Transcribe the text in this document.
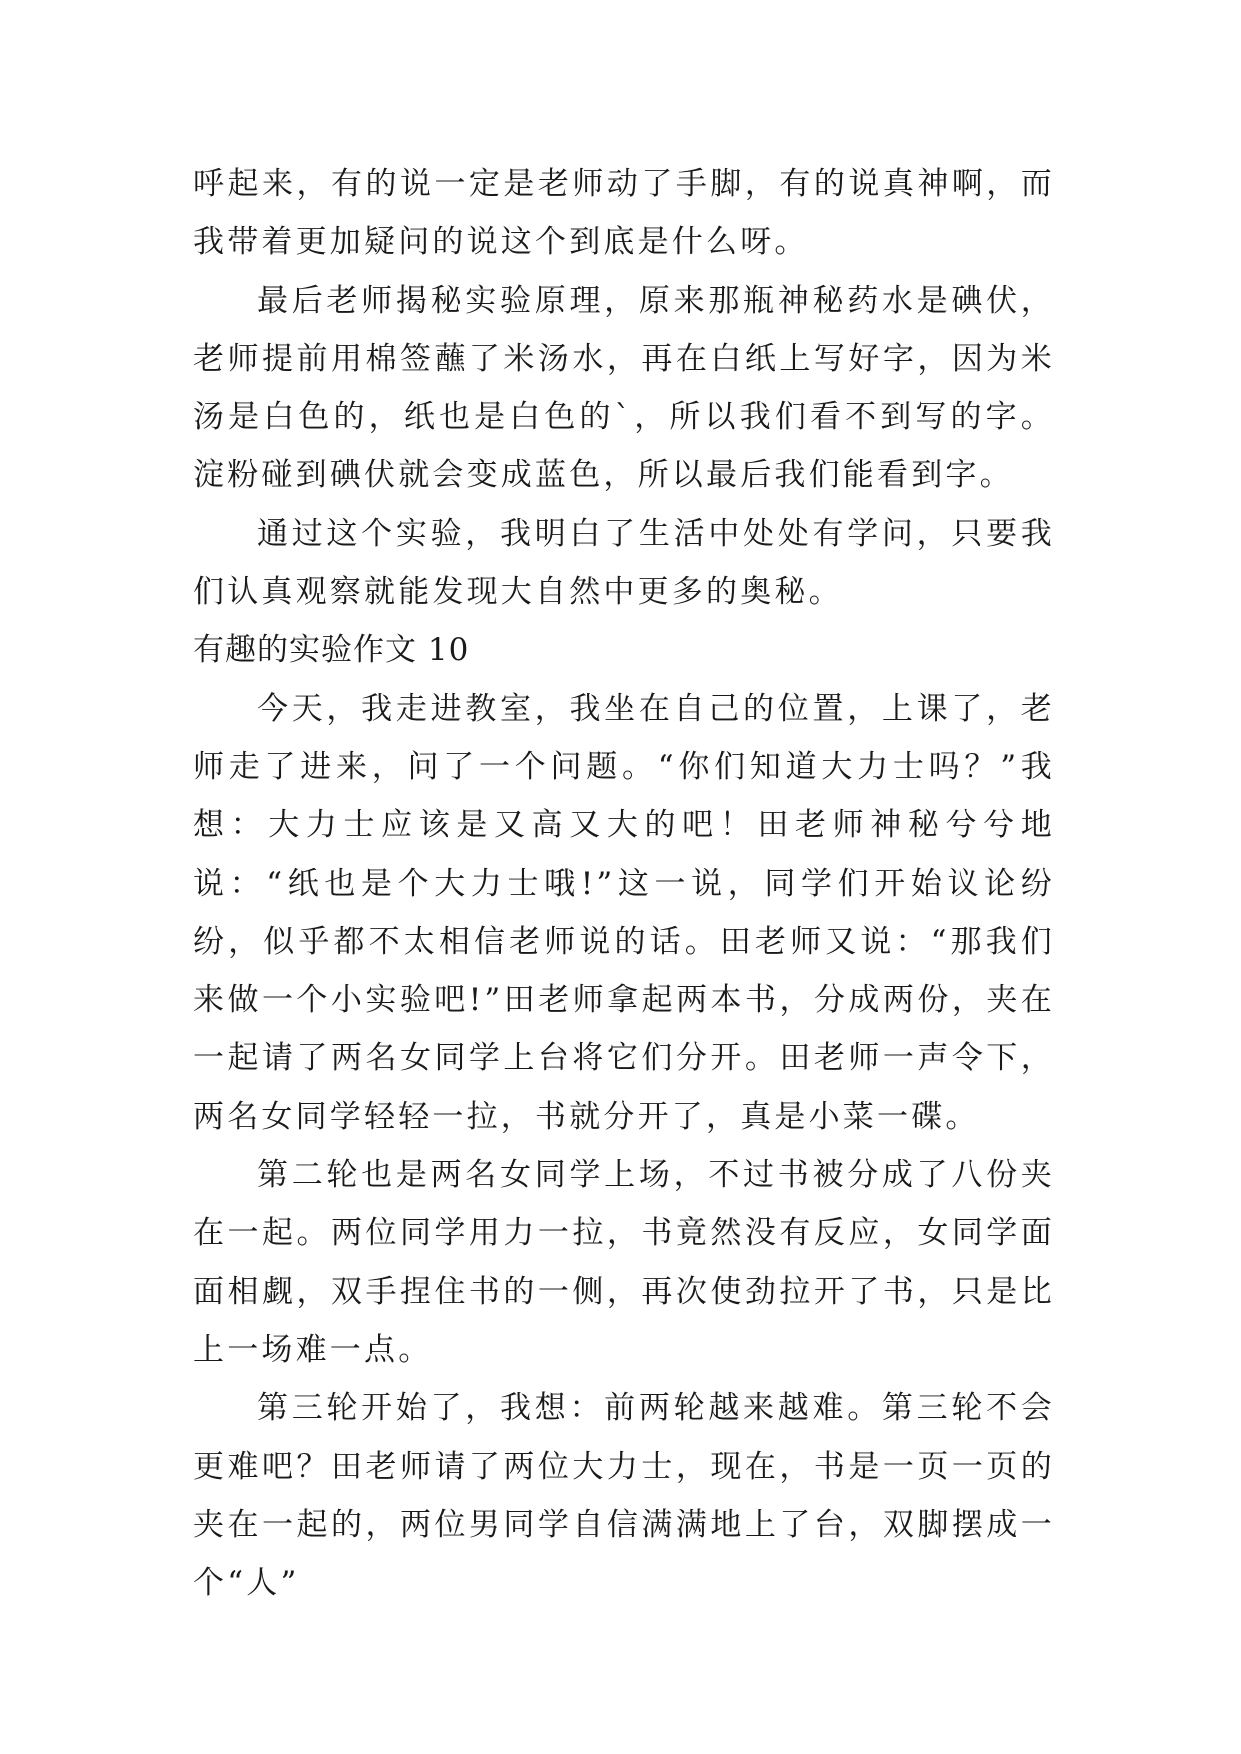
呼起来，有的说一定是老师动了手脚，有的说真神啊，而我带着更加疑问的说这个到底是什么呀。

最后老师揭秘实验原理，原来那瓶神秘药水是碘伏，老师提前用棉签蘸了米汤水，再在白纸上写好字，因为米汤是白色的，纸也是白色的`，所以我们看不到写的字。淀粉碰到碘伏就会变成蓝色，所以最后我们能看到字。

通过这个实验，我明白了生活中处处有学问，只要我们认真观察就能发现大自然中更多的奥秘。

有趣的实验作文 10

今天，我走进教室，我坐在自己的位置，上课了，老师走了进来，问了一个问题。“你们知道大力士吗？”我想：大力士应该是又高又大的吧！田老师神秘兮兮地说：“纸也是个大力士哦!”这一说，同学们开始议论纷纷，似乎都不太相信老师说的话。田老师又说：“那我们来做一个小实验吧!”田老师拿起两本书，分成两份，夹在一起请了两名女同学上台将它们分开。田老师一声令下，两名女同学轻轻一拉，书就分开了，真是小菜一碟。

第二轮也是两名女同学上场，不过书被分成了八份夹在一起。两位同学用力一拉，书竟然没有反应，女同学面面相觑，双手捏住书的一侧，再次使劲拉开了书，只是比上一场难一点。

第三轮开始了，我想：前两轮越来越难。第三轮不会更难吧？田老师请了两位大力士，现在，书是一页一页的夹在一起的，两位男同学自信满满地上了台，双脚摆成一个“人”
